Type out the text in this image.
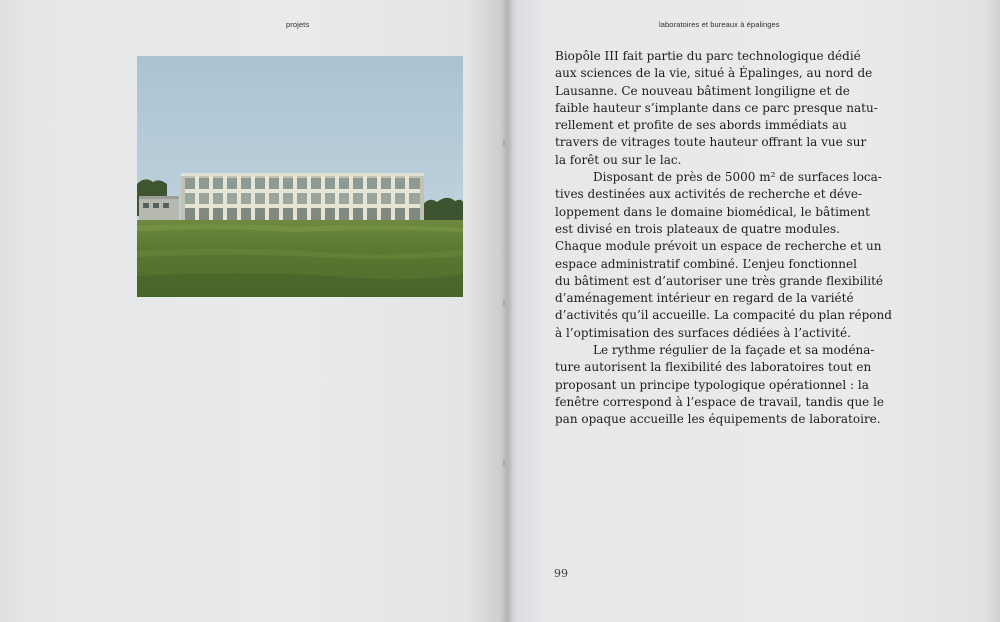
projets	laboratoires et bureaux à épalinges
Biopôle III fait partie du parc technologique dédié
aux sciences de la vie, situé à Épalinges, au nord de
Lausanne. Ce nouveau bâtiment longiligne et de
faible hauteur s’implante dans ce parc presque natu-
rellement et profite de ses abords immédiats au
travers de vitrages toute hauteur offrant la vue sur
la forêt ou sur le lac.
Disposant de près de 5000 m² de surfaces loca-
tives destinées aux activités de recherche et déve-
loppement dans le domaine biomédical, le bâtiment
est divisé en trois plateaux de quatre modules.
Chaque module prévoit un espace de recherche et un
espace administratif combiné. L’enjeu fonctionnel
du bâtiment est d’autoriser une très grande flexibilité
d’aménagement intérieur en regard de la variété
d’activités qu’il accueille. La compacité du plan répond
à l’optimisation des surfaces dédiées à l’activité.
Le rythme régulier de la façade et sa modéna-
ture autorisent la flexibilité des laboratoires tout en
proposant un principe typologique opérationnel : la
fenêtre correspond à l’espace de travail, tandis que le
pan opaque accueille les équipements de laboratoire.
99
